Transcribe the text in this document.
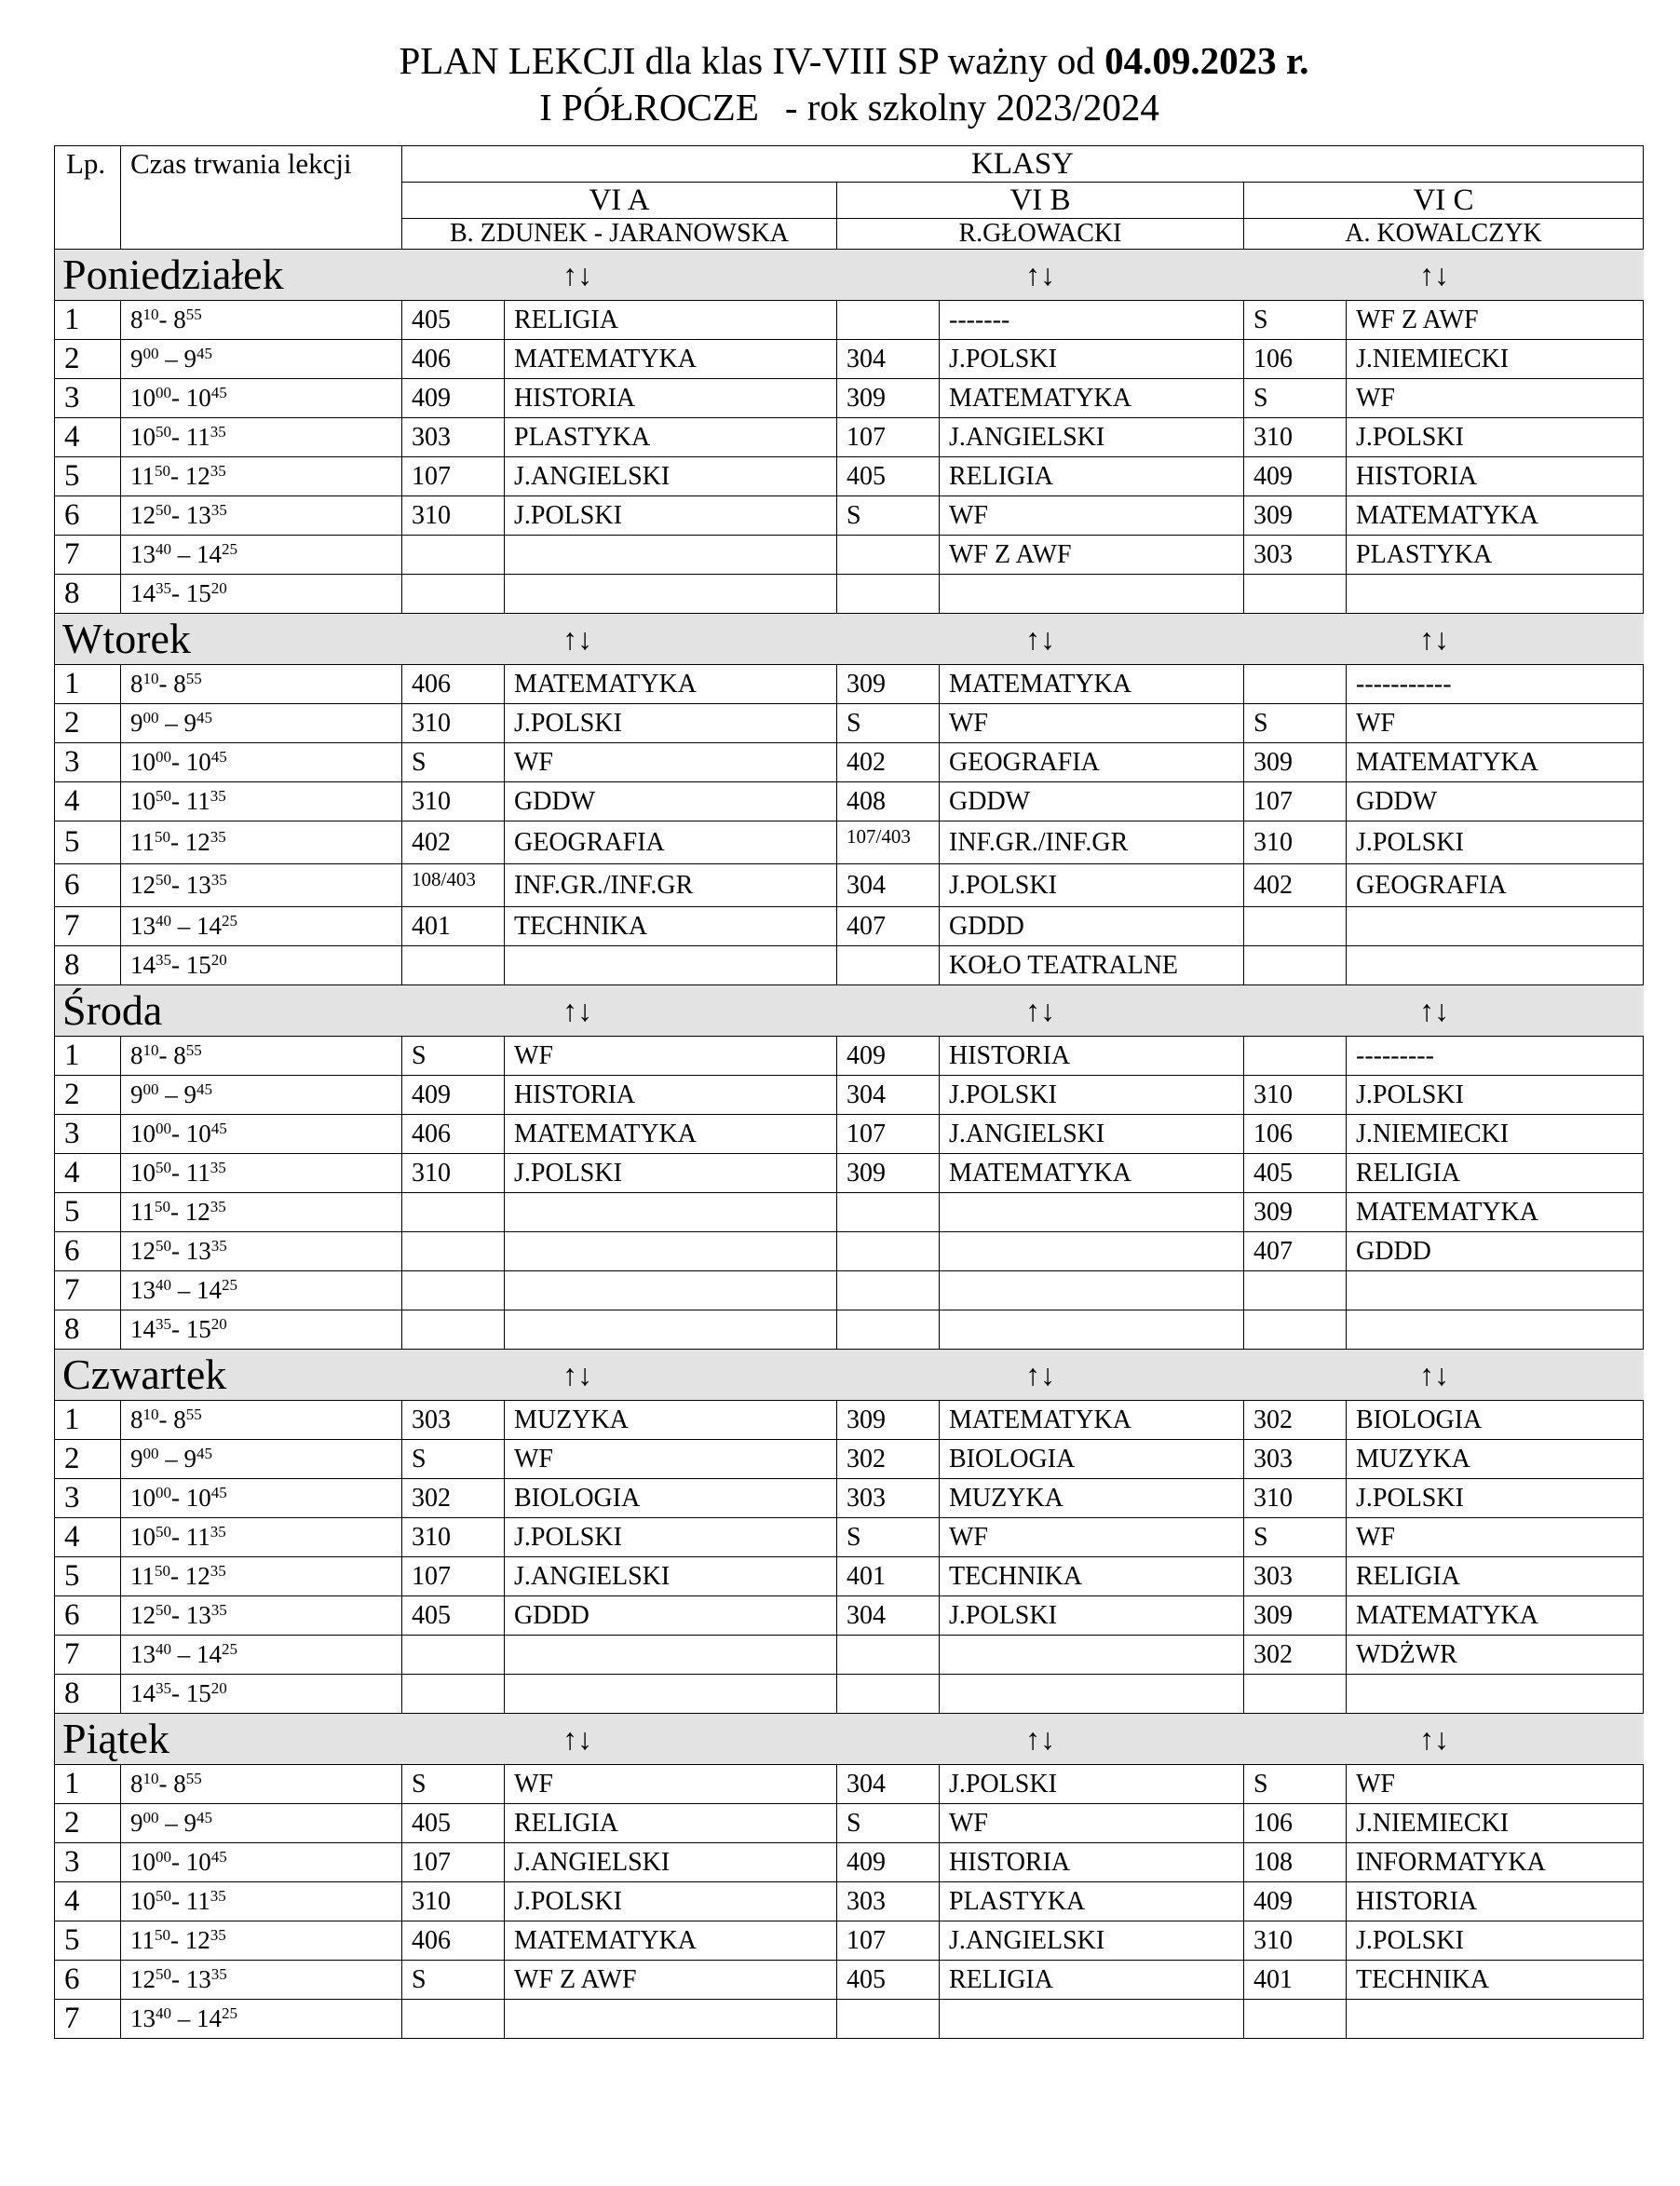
PLAN LEKCJI dla klas IV-VIII SP ważny od 04.09.2023 r.
I PÓŁROCZE - rok szkolny 2023/2024
Lp.	Czas trwania lekcji	KLASY					
		VI A		VI B		VI C	
		B. ZDUNEK - JARANOWSKA		R.GŁOWACKI		A. KOWALCZYK	
Poniedziałek		↑↓		↑↓		↑↓	
1	$8^{10}-$ $8^{55}$	405	RELIGIA		-------	S	WF Z AWF
2	$9^{00} - 9^{45}$	406	MATEMATYKA	304	J.POLSKI	106	J.NIEMIECKI
3	$10^{00}-$ $10^{45}$	409	HISTORIA	309	MATEMATYKA	S	WF
4	$10^{50}-$ $11^{35}$	303	PLASTYKA	107	J.ANGIELSKI	310	J.POLSKI
5	$11^{50}-$ $12^{35}$	107	J.ANGIELSKI	405	RELIGIA	409	HISTORIA
6	$12^{50}-$ $13^{35}$	310	J.POLSKI	S	WF	309	MATEMATYKA
7	$13^{40} - 14^{25}$				WF Z AWF	303	PLASTYKA
8	$14^{35}-$ $15^{20}$						
Wtorek		↑↓		↑↓		↑↓	
1	$8^{10}-$ $8^{55}$	406	MATEMATYKA	309	MATEMATYKA		-----------
2	$9^{00} - 9^{45}$	310	J.POLSKI	S	WF	S	WF
3	$10^{00}-$ $10^{45}$	S	WF	402	GEOGRAFIA	309	MATEMATYKA
4	$10^{50}-$ $11^{35}$	310	GDDW	408	GDDW	107	GDDW
5	$11^{50}-$ $12^{35}$	402	GEOGRAFIA	107/403	INF.GR./INF.GR	310	J.POLSKI
6	$12^{50}-$ $13^{35}$	108/403	INF.GR./INF.GR	304	J.POLSKI	402	GEOGRAFIA
7	$13^{40} - 14^{25}$	401	TECHNIKA	407	GDDD		
8	$14^{35}-$ $15^{20}$				KOŁO TEATRALNE		
Środa		↑↓		↑↓		↑↓	
1	$8^{10}-$ $8^{55}$	S	WF	409	HISTORIA		---------
2	$9^{00} - 9^{45}$	409	HISTORIA	304	J.POLSKI	310	J.POLSKI
3	$10^{00}-$ $10^{45}$	406	MATEMATYKA	107	J.ANGIELSKI	106	J.NIEMIECKI
4	$10^{50}-$ $11^{35}$	310	J.POLSKI	309	MATEMATYKA	405	RELIGIA
5	$11^{50}-$ $12^{35}$					309	MATEMATYKA
6	$12^{50}-$ $13^{35}$					407	GDDD
7	$13^{40} - 14^{25}$						
8	$14^{35}-$ $15^{20}$						
Czwartek		↑↓		↑↓		↑↓	
1	$8^{10}-$ $8^{55}$	303	MUZYKA	309	MATEMATYKA	302	BIOLOGIA
2	$9^{00} - 9^{45}$	S	WF	302	BIOLOGIA	303	MUZYKA
3	$10^{00}-$ $10^{45}$	302	BIOLOGIA	303	MUZYKA	310	J.POLSKI
4	$10^{50}-$ $11^{35}$	310	J.POLSKI	S	WF	S	WF
5	$11^{50}-$ $12^{35}$	107	J.ANGIELSKI	401	TECHNIKA	303	RELIGIA
6	$12^{50}-$ $13^{35}$	405	GDDD	304	J.POLSKI	309	MATEMATYKA
7	$13^{40} - 14^{25}$					302	WDŻWR
8	$14^{35}-$ $15^{20}$						
Piątek		↑↓		↑↓		↑↓	
1	$8^{10}-$ $8^{55}$	S	WF	304	J.POLSKI	S	WF
2	$9^{00} - 9^{45}$	405	RELIGIA	S	WF	106	J.NIEMIECKI
3	$10^{00}-$ $10^{45}$	107	J.ANGIELSKI	409	HISTORIA	108	INFORMATYKA
4	$10^{50}-$ $11^{35}$	310	J.POLSKI	303	PLASTYKA	409	HISTORIA
5	$11^{50}-$ $12^{35}$	406	MATEMATYKA	107	J.ANGIELSKI	310	J.POLSKI
6	$12^{50}-$ $13^{35}$	S	WF Z AWF	405	RELIGIA	401	TECHNIKA
7	$13^{40} - 14^{25}$						
